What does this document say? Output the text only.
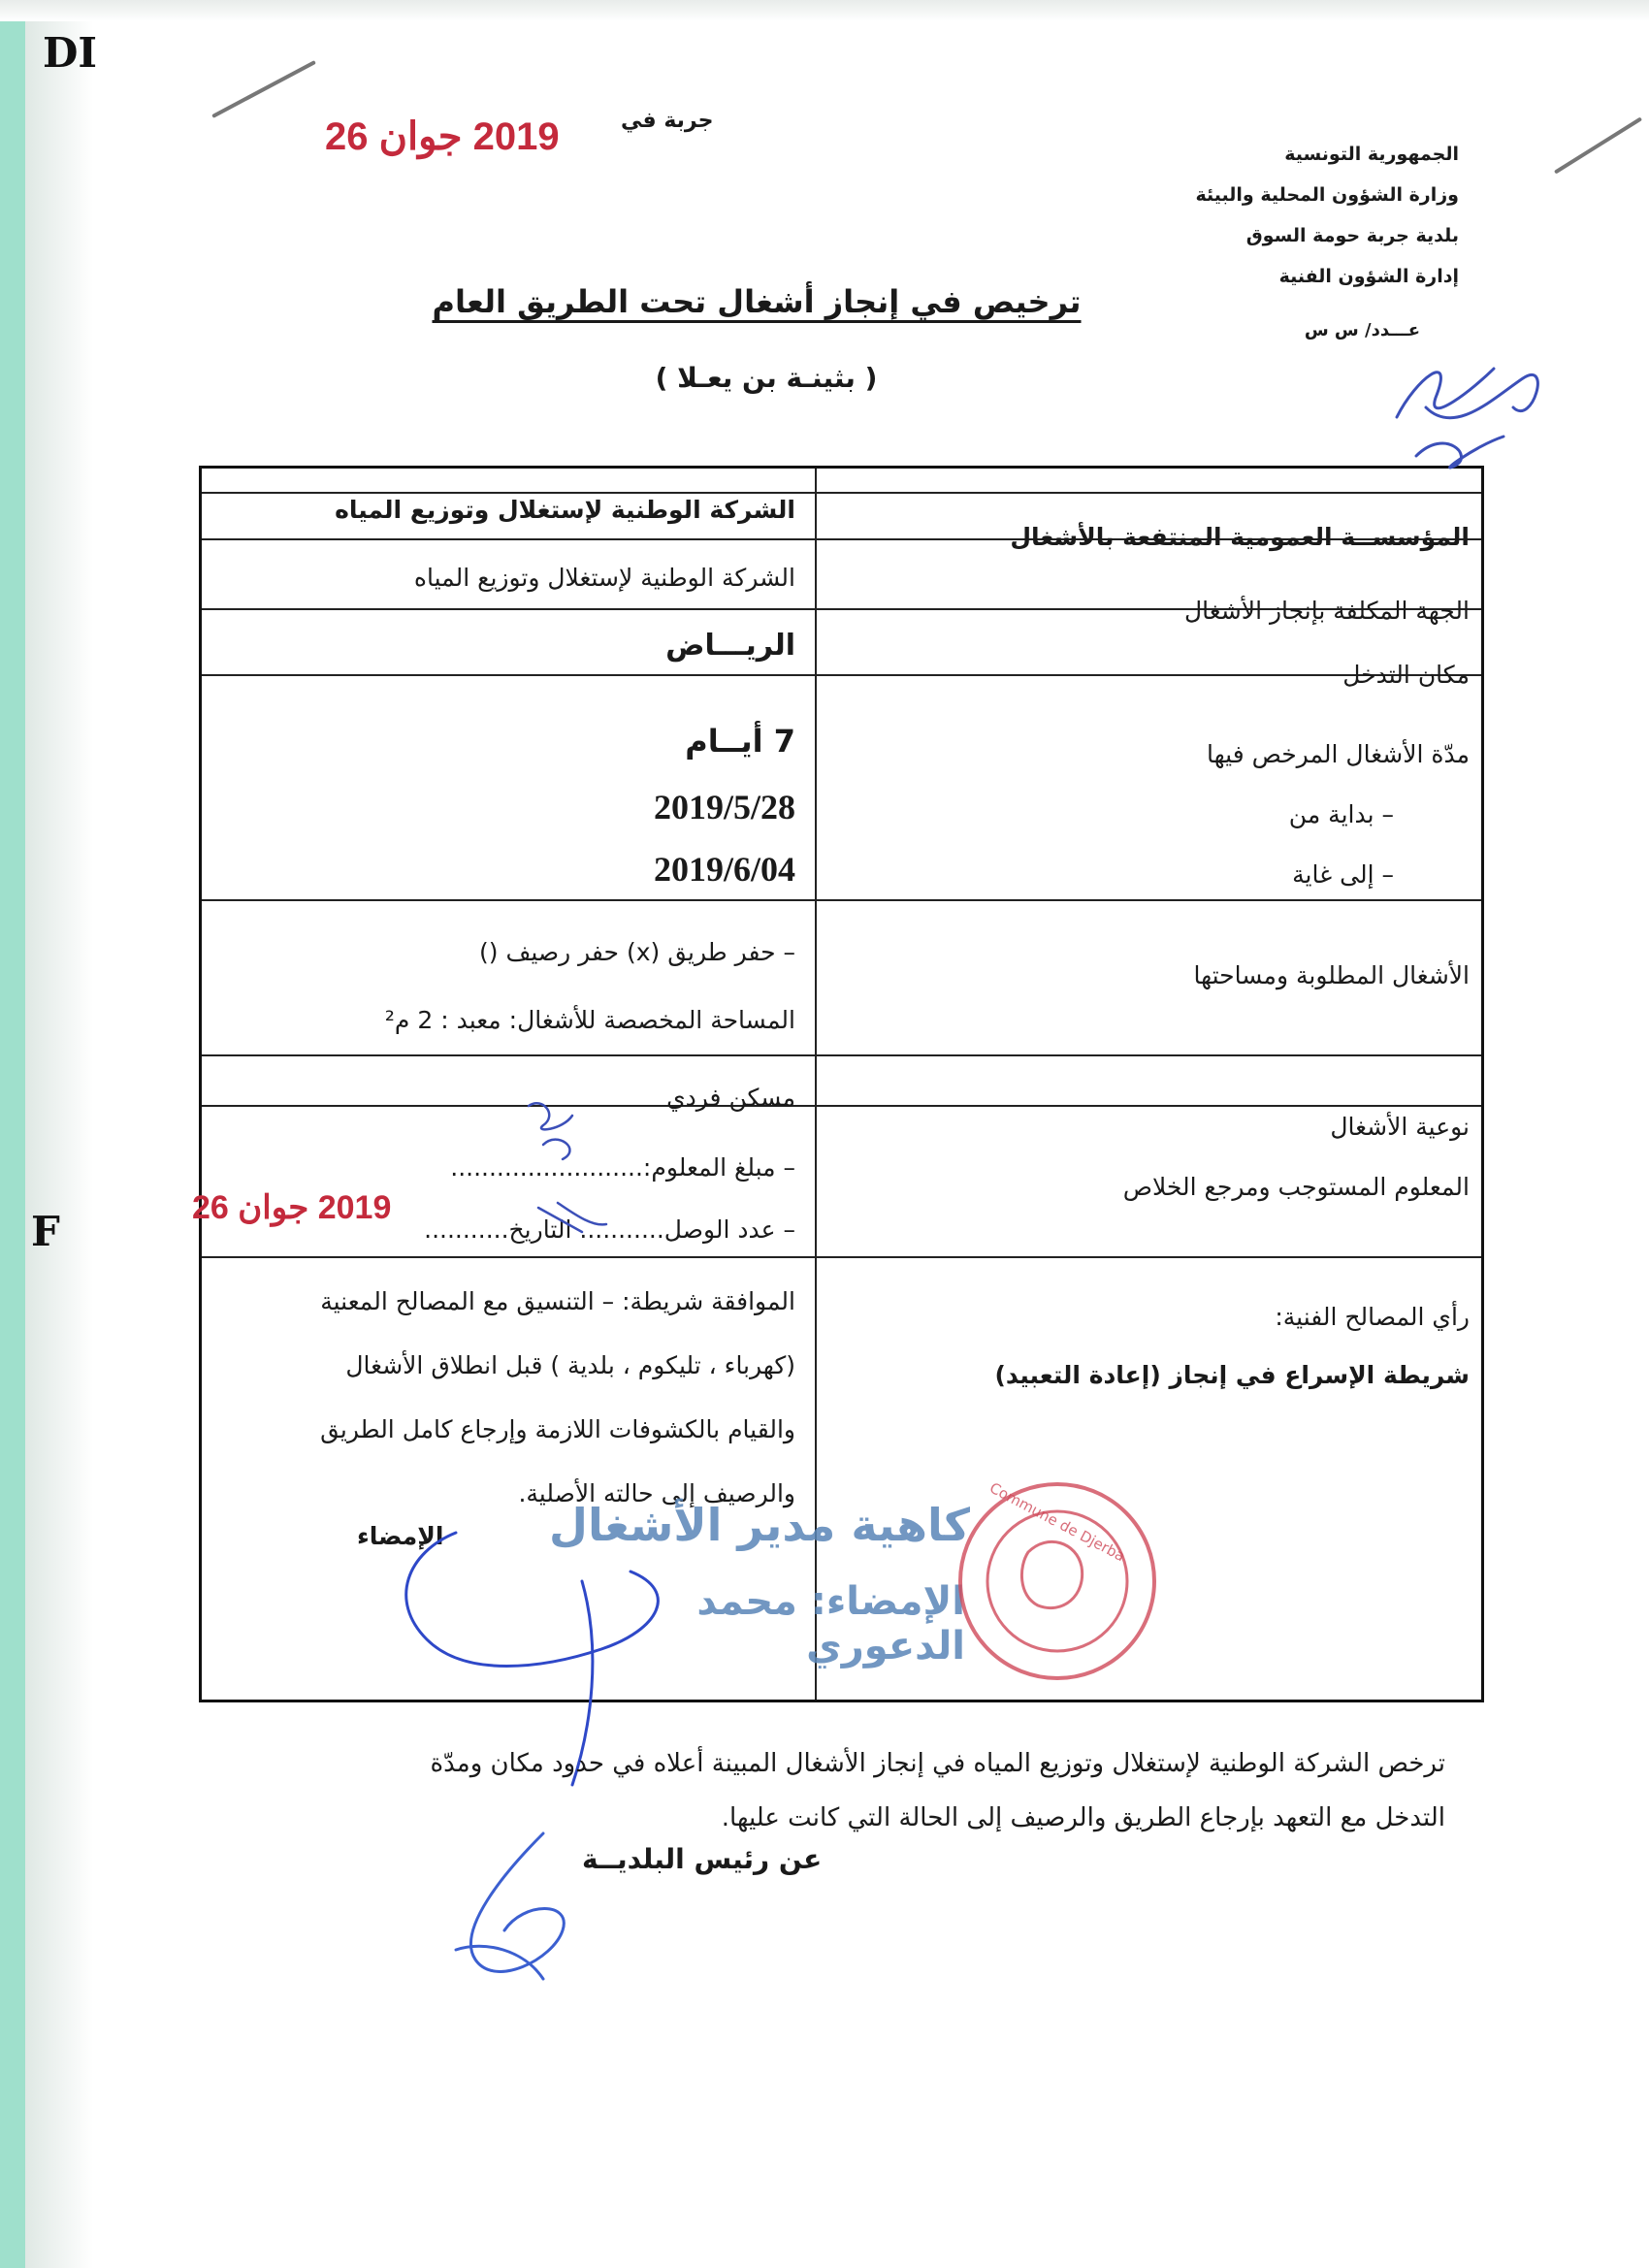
DI
F
الجمهورية التونسية
وزارة الشؤون المحلية والبيئة
بلدية جربة حومة السوق
إدارة الشؤون الفنية
عـــدد/ س س
جربة في
2019 جوان 26
ترخيص في إنجاز أشغال تحت الطريق العام
( بثينـة بن يعـلا )
المؤسســة العمومية المنتفعة بالأشغال
الشركة الوطنية لإستغلال وتوزيع المياه
الجهة المكلفة بإنجاز الأشغال
الشركة الوطنية لإستغلال وتوزيع المياه
مكان التدخل
الريـــاض
مدّة الأشغال المرخص فيها
– بداية من
– إلى غاية
7 أيــام
2019/5/28
2019/6/04
الأشغال المطلوبة ومساحتها
– حفر طريق (x) حفر رصيف ()
المساحة المخصصة للأشغال: معبد : 2 م²
نوعية الأشغال
مسكن فردي
المعلوم المستوجب ومرجع الخلاص
– مبلغ المعلوم:.........................
– عدد الوصل........... التاريخ...........
2019 جوان 26
رأي المصالح الفنية:
شريطة الإسراع في إنجاز (إعادة التعبيد)
الموافقة شريطة: – التنسيق مع المصالح المعنية
(كهرباء ، تليكوم ، بلدية ) قبل انطلاق الأشغال
والقيام بالكشوفات اللازمة وإرجاع كامل الطريق
والرصيف إلى حالته الأصلية.
الإمضاء كاهية مدير الأشغال
الإمضاء: محمد الدعوري
Commune de Djerba
ترخص الشركة الوطنية لإستغلال وتوزيع المياه في إنجاز الأشغال المبينة أعلاه في حدود مكان ومدّة
التدخل مع التعهد بإرجاع الطريق والرصيف إلى الحالة التي كانت عليها.
عن رئيس البلديــة
